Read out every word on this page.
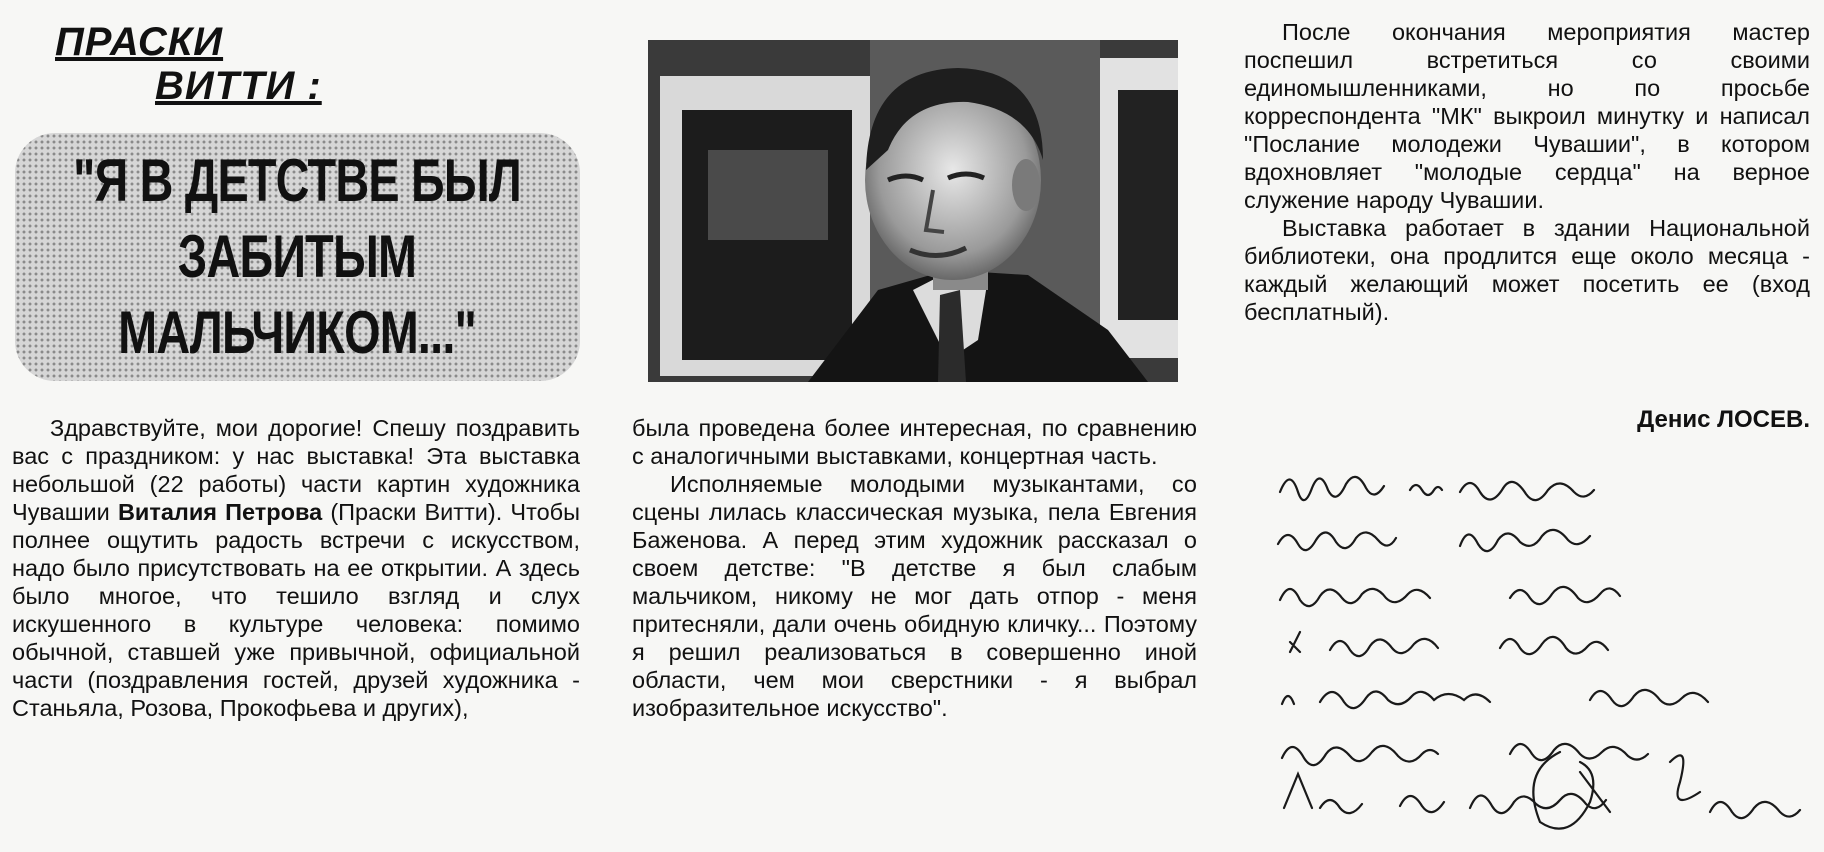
ПРАСКИ
ВИТТИ :
"Я В ДЕТСТВЕ БЫЛ
ЗАБИТЫМ
МАЛЬЧИКОМ..."

Здравствуйте, мои дорогие! Спешу поздравить вас с праздником: у нас выставка! Эта выставка небольшой (22 работы) части картин художника Чувашии Виталия Петрова (Праски Витти). Чтобы полнее ощутить радость встречи с искусством, надо было присутствовать на ее открытии. А здесь было многое, что тешило взгляд и слух искушенного в культуре человека: помимо обычной, ставшей уже привычной, официальной части (поздравления гостей, друзей художника - Станьяла, Розова, Прокофьева и других),

была проведена более интересная, по сравнению с аналогичными выставками, концертная часть.

Исполняемые молодыми музыкантами, со сцены лилась классическая музыка, пела Евгения Баженова. А перед этим художник рассказал о своем детстве: "В детстве я был слабым мальчиком, никому не мог дать отпор - меня притесняли, дали очень обидную кличку... Поэтому я решил реализоваться в совершенно иной области, чем мои сверстники - я выбрал изобразительное искусство".

После окончания мероприятия мастер поспешил встретиться со своими единомышленниками, но по просьбе корреспондента "МК" выкроил минутку и написал "Послание молодежи Чувашии", в котором вдохновляет "молодые сердца" на верное служение народу Чувашии.

Выставка работает в здании Национальной библиотеки, она продлится еще около месяца - каждый желающий может посетить ее (вход бесплатный).

Денис ЛОСЕВ.
